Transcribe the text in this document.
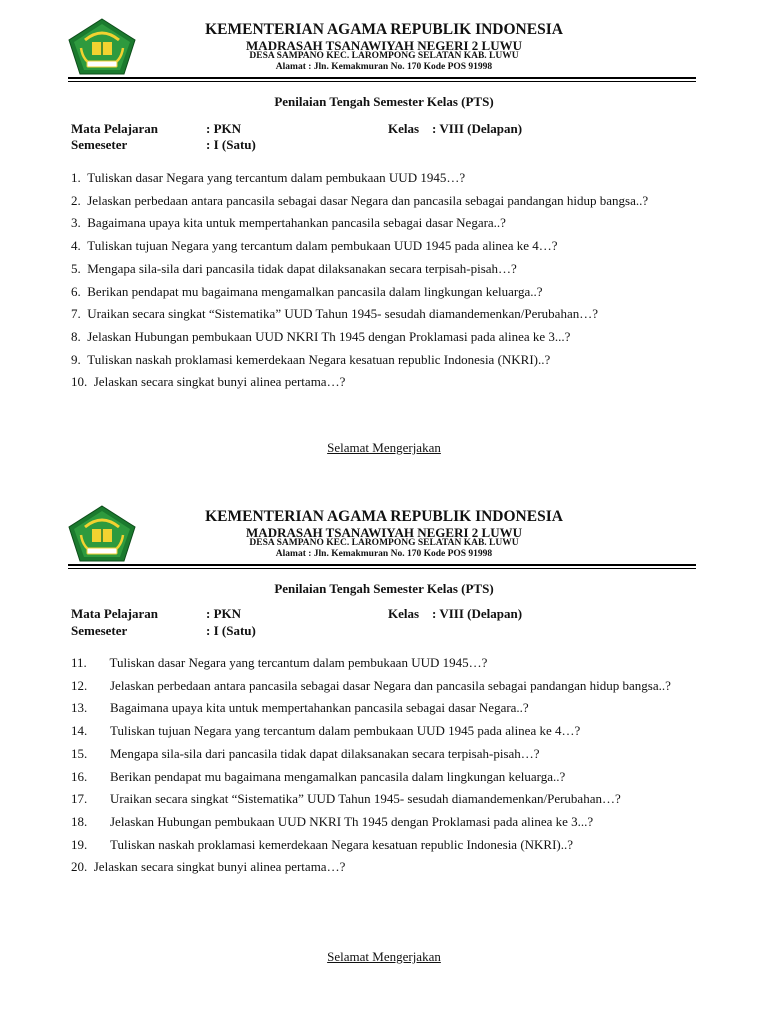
KEMENTERIAN AGAMA REPUBLIK INDONESIA
MADRASAH TSANAWIYAH NEGERI 2 LUWU
DESA SAMPANO KEC. LAROMPONG SELATAN KAB. LUWU
Alamat : Jln. Kemakmuran No. 170 Kode POS 91998
Penilaian Tengah Semester Kelas (PTS)
Mata Pelajaran	: PKN	Kelas : VIII (Delapan)
Semeseter	: I (Satu)
1. Tuliskan dasar Negara yang tercantum dalam pembukaan UUD 1945…?
2. Jelaskan perbedaan antara pancasila sebagai dasar Negara dan pancasila sebagai pandangan hidup bangsa..?
3. Bagaimana upaya kita untuk mempertahankan pancasila sebagai dasar Negara..?
4. Tuliskan tujuan Negara yang tercantum dalam pembukaan UUD 1945 pada alinea ke 4…?
5. Mengapa sila-sila dari pancasila tidak dapat dilaksanakan secara terpisah-pisah…?
6. Berikan pendapat mu bagaimana mengamalkan pancasila dalam lingkungan keluarga..?
7. Uraikan secara singkat “Sistematika” UUD Tahun 1945- sesudah diamandemenkan/Perubahan…?
8. Jelaskan Hubungan pembukaan UUD NKRI Th 1945 dengan Proklamasi pada alinea ke 3...?
9. Tuliskan naskah proklamasi kemerdekaan Negara kesatuan republic Indonesia (NKRI)..?
10. Jelaskan secara singkat bunyi alinea pertama…?
Selamat Mengerjakan
KEMENTERIAN AGAMA REPUBLIK INDONESIA
MADRASAH TSANAWIYAH NEGERI 2 LUWU
DESA SAMPANO KEC. LAROMPONG SELATAN KAB. LUWU
Alamat : Jln. Kemakmuran No. 170 Kode POS 91998
Penilaian Tengah Semester Kelas (PTS)
Mata Pelajaran	: PKN	Kelas : VIII (Delapan)
Semeseter	: I (Satu)
11. Tuliskan dasar Negara yang tercantum dalam pembukaan UUD 1945…?
12. Jelaskan perbedaan antara pancasila sebagai dasar Negara dan pancasila sebagai pandangan hidup bangsa..?
13. Bagaimana upaya kita untuk mempertahankan pancasila sebagai dasar Negara..?
14. Tuliskan tujuan Negara yang tercantum dalam pembukaan UUD 1945 pada alinea ke 4…?
15. Mengapa sila-sila dari pancasila tidak dapat dilaksanakan secara terpisah-pisah…?
16. Berikan pendapat mu bagaimana mengamalkan pancasila dalam lingkungan keluarga..?
17. Uraikan secara singkat “Sistematika” UUD Tahun 1945- sesudah diamandemenkan/Perubahan…?
18. Jelaskan Hubungan pembukaan UUD NKRI Th 1945 dengan Proklamasi pada alinea ke 3...?
19. Tuliskan naskah proklamasi kemerdekaan Negara kesatuan republic Indonesia (NKRI)..?
20. Jelaskan secara singkat bunyi alinea pertama…?
Selamat Mengerjakan
